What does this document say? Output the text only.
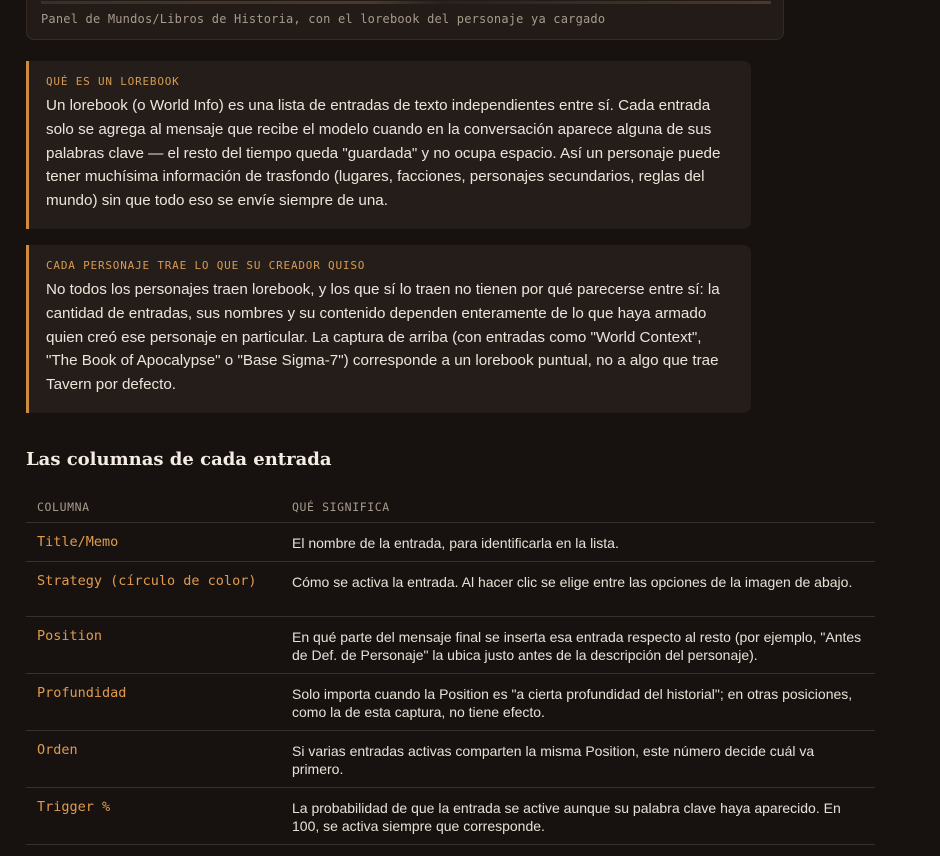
Panel de Mundos/Libros de Historia, con el lorebook del personaje ya cargado
QUÉ ES UN LOREBOOK
Un lorebook (o World Info) es una lista de entradas de texto independientes entre sí. Cada entrada solo se agrega al mensaje que recibe el modelo cuando en la conversación aparece alguna de sus palabras clave — el resto del tiempo queda "guardada" y no ocupa espacio. Así un personaje puede tener muchísima información de trasfondo (lugares, facciones, personajes secundarios, reglas del mundo) sin que todo eso se envíe siempre de una.
CADA PERSONAJE TRAE LO QUE SU CREADOR QUISO
No todos los personajes traen lorebook, y los que sí lo traen no tienen por qué parecerse entre sí: la cantidad de entradas, sus nombres y su contenido dependen enteramente de lo que haya armado quien creó ese personaje en particular. La captura de arriba (con entradas como "World Context", "The Book of Apocalypse" o "Base Sigma-7") corresponde a un lorebook puntual, no a algo que trae Tavern por defecto.
Las columnas de cada entrada
COLUMNA	QUÉ SIGNIFICA
Title/Memo	El nombre de la entrada, para identificarla en la lista.
Strategy (círculo de color)	Cómo se activa la entrada. Al hacer clic se elige entre las opciones de la imagen de abajo.
Position	En qué parte del mensaje final se inserta esa entrada respecto al resto (por ejemplo, "Antes de Def. de Personaje" la ubica justo antes de la descripción del personaje).
Profundidad	Solo importa cuando la Position es "a cierta profundidad del historial"; en otras posiciones, como la de esta captura, no tiene efecto.
Orden	Si varias entradas activas comparten la misma Position, este número decide cuál va primero.
Trigger %	La probabilidad de que la entrada se active aunque su palabra clave haya aparecido. En 100, se activa siempre que corresponde.
